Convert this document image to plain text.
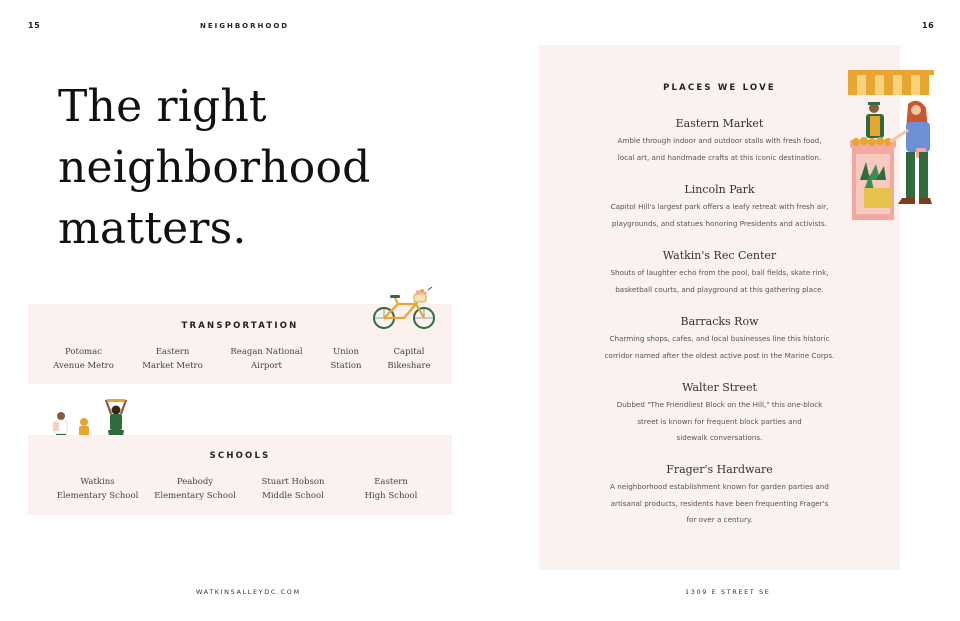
15	NEIGHBORHOOD
The right
neighborhood
matters.
TRANSPORTATION
Potomac
Avenue Metro
Eastern
Market Metro
Reagan National
Airport
Union
Station
Capital
Bikeshare
SCHOOLS
Watkins
Elementary School
Peabody
Elementary School
Stuart Hobson
Middle School
Eastern
High School
WATKINSALLEYDC.COM
16
PLACES WE LOVE
Eastern Market
Amble through indoor and outdoor stalls with fresh food,
local art, and handmade crafts at this iconic destination.
Lincoln Park
Capitol Hill's largest park offers a leafy retreat with fresh air,
playgrounds, and statues honoring Presidents and activists.
Watkin's Rec Center
Shouts of laughter echo from the pool, ball fields, skate rink,
basketball courts, and playground at this gathering place.
Barracks Row
Charming shops, cafes, and local businesses line this historic
corridor named after the oldest active post in the Marine Corps.
Walter Street
Dubbed "The Friendliest Block on the Hill," this one-block
street is known for frequent block parties and
sidewalk conversations.
Frager's Hardware
A neighborhood establishment known for garden parties and
artisanal products, residents have been frequenting Frager's
for over a century.
1309 E STREET SE
